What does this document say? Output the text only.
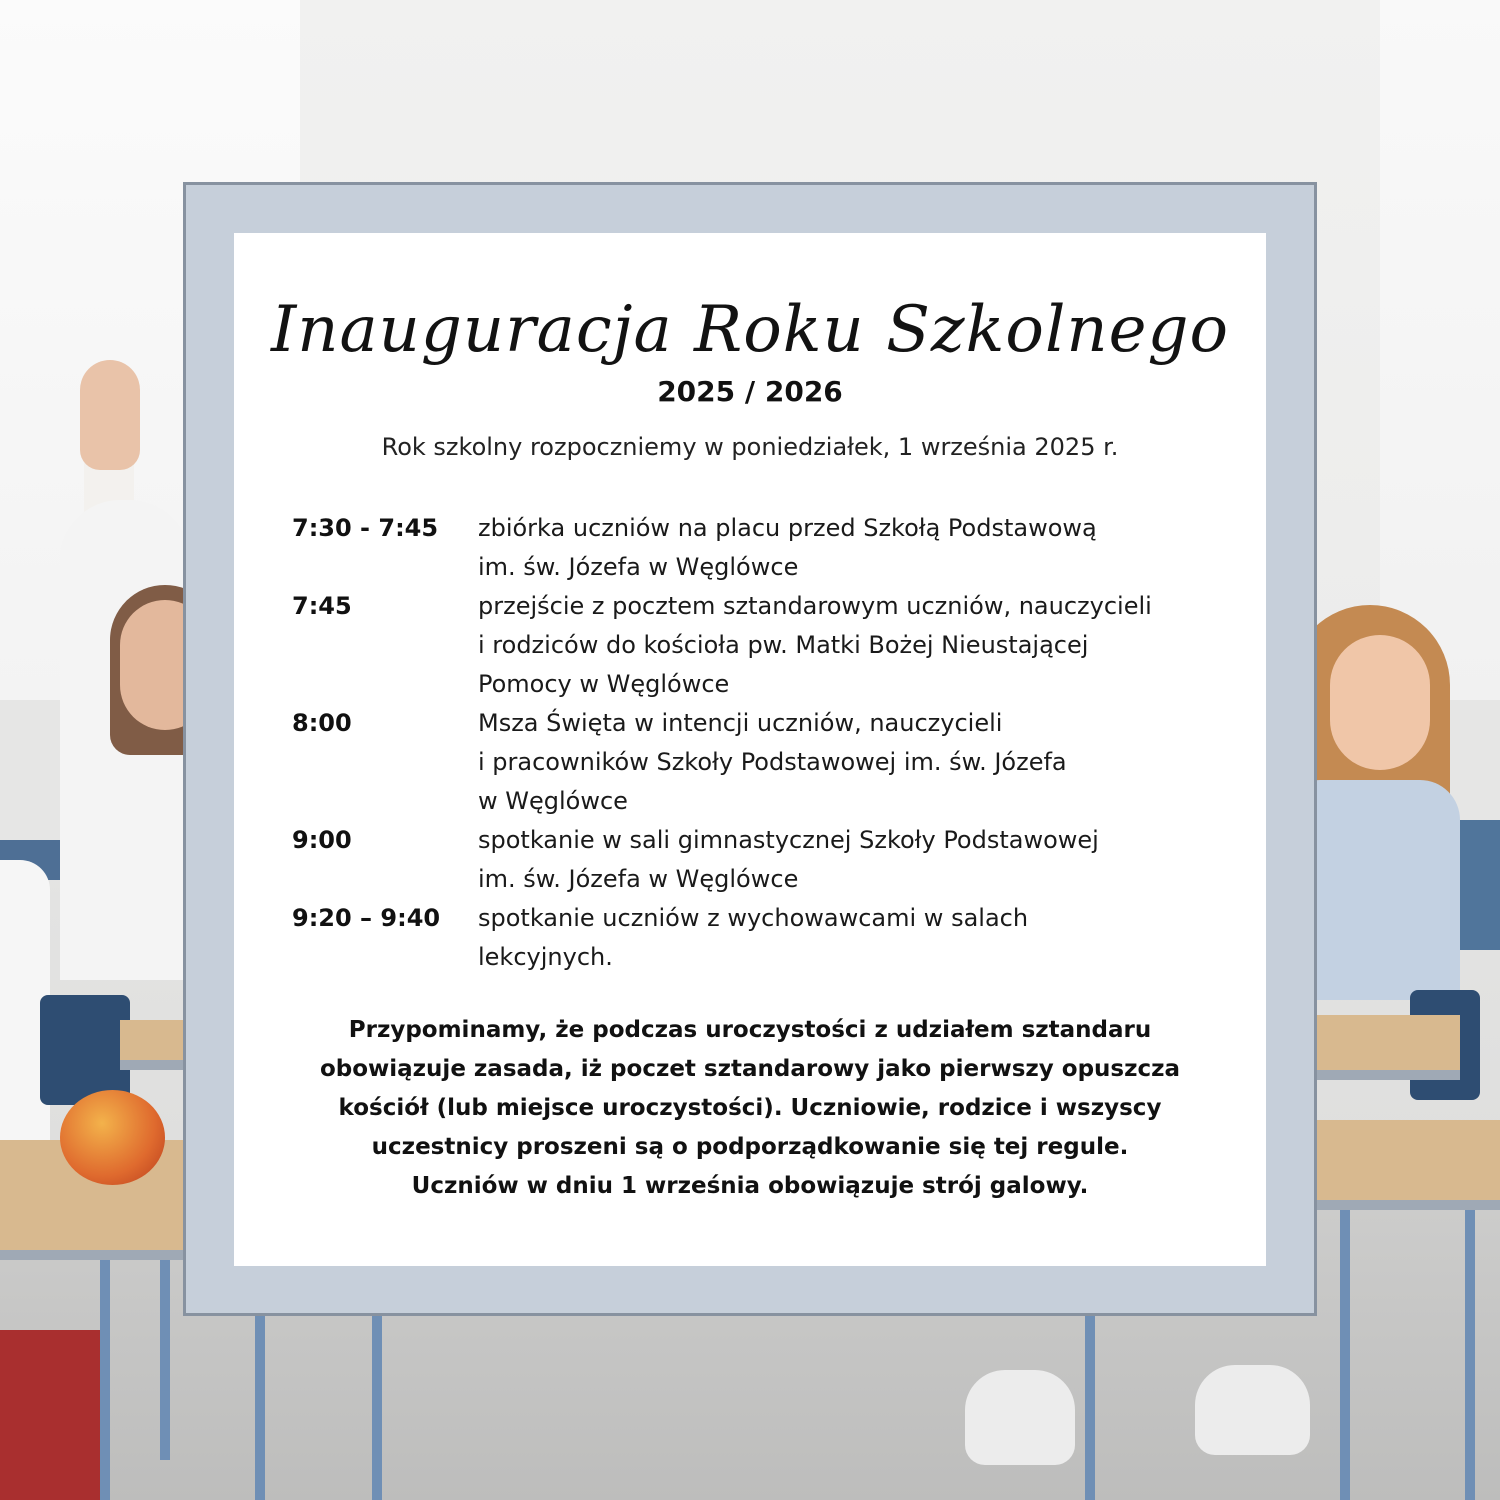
Inauguracja Roku Szkolnego

2025 / 2026

Rok szkolny rozpoczniemy w poniedziałek, 1 września 2025 r.

7:30 - 7:45	zbiórka uczniów na placu przed Szkołą Podstawową
im. św. Józefa w Węglówce
7:45	przejście z pocztem sztandarowym uczniów, nauczycieli
i rodziców do kościoła pw. Matki Bożej Nieustającej
Pomocy w Węglówce
8:00	Msza Święta w intencji uczniów, nauczycieli
i pracowników Szkoły Podstawowej im. św. Józefa
w Węglówce
9:00	spotkanie w sali gimnastycznej Szkoły Podstawowej
im. św. Józefa w Węglówce
9:20 – 9:40	spotkanie uczniów z wychowawcami w salach
lekcyjnych.

Przypominamy, że podczas uroczystości z udziałem sztandaru
obowiązuje zasada, iż poczet sztandarowy jako pierwszy opuszcza
kościół (lub miejsce uroczystości). Uczniowie, rodzice i wszyscy
uczestnicy proszeni są o podporządkowanie się tej regule.
Uczniów w dniu 1 września obowiązuje strój galowy.
